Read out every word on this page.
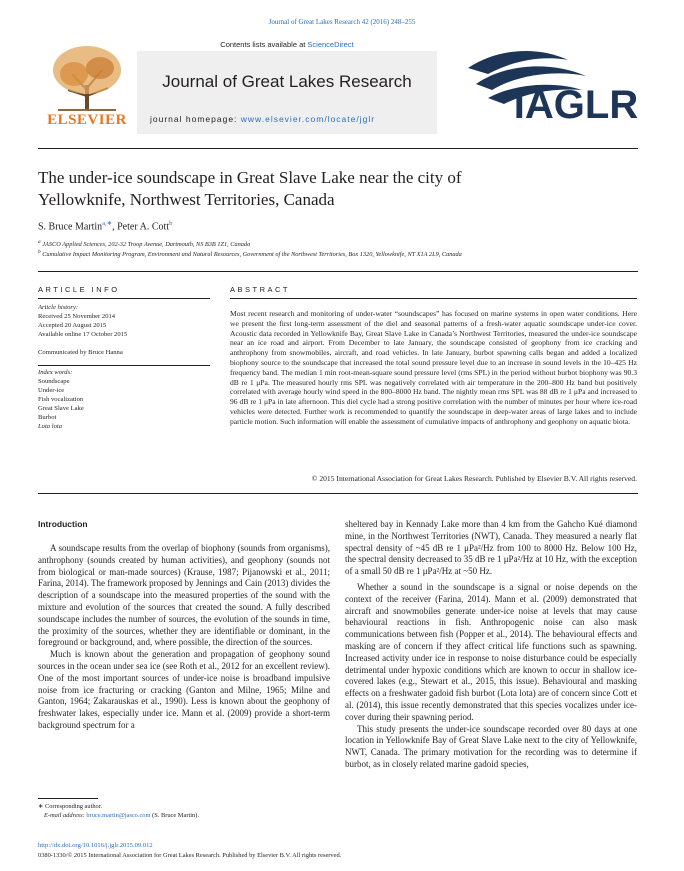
Journal of Great Lakes Research 42 (2016) 248–255
ELSEVIER
Contents lists available at ScienceDirect
Journal of Great Lakes Research
journal homepage: www.elsevier.com/locate/jglr	IAGLR
The under-ice soundscape in Great Slave Lake near the city of
Yellowknife, Northwest Territories, Canada
S. Bruce Martin$^{a,∗}$, Peter A. Cott$^b$
$^a$ JASCO Applied Sciences, 202-32 Troop Avenue, Dartmouth, NS B3B 1Z1, Canada
$^b$ Cumulative Impact Monitoring Program, Environment and Natural Resources, Government of the Northwest Territories, Box 1320, Yellowknife, NT X1A 2L9, Canada
ARTICLE INFO
Article history:
Received 25 November 2014
Accepted 20 August 2015
Available online 17 October 2015
Communicated by Bruce Hanna
Index words:
Soundscape
Under-ice
Fish vocalization
Great Slave Lake
Burbot
Lota lota
ABSTRACT
Most recent research and monitoring of under-water “soundscapes” has focused on marine systems in open water conditions. Here we present the first long-term assessment of the diel and seasonal patterns of a fresh-water aquatic soundscape under-ice cover. Acoustic data recorded in Yellowknife Bay, Great Slave Lake in Canada’s Northwest Territories, measured the under-ice soundscape near an ice road and airport. From December to late January, the soundscape consisted of geophony from ice cracking and anthrophony from snowmobiles, aircraft, and road vehicles. In late January, burbot spawning calls began and added a localized biophony source to the soundscape that increased the total sound pressure level due to an increase in sound levels in the 10–425 Hz frequency band. The median 1 min root-mean-square sound pressure level (rms SPL) in the period without burbot biophony was 90.3 dB re 1 μPa. The measured hourly rms SPL was negatively correlated with air temperature in the 200–800 Hz band but positively correlated with average hourly wind speed in the 800–8000 Hz band. The nightly mean rms SPL was 88 dB re 1 μPa and increased to 96 dB re 1 μPa in late afternoon. This diel cycle had a strong positive correlation with the number of minutes per hour where ice-road vehicles were detected. Further work is recommended to quantify the soundscape in deep-water areas of large lakes and to include particle motion. Such information will enable the assessment of cumulative impacts of anthrophony and geophony on aquatic biota.
© 2015 International Association for Great Lakes Research. Published by Elsevier B.V. All rights reserved.
Introduction

A soundscape results from the overlap of biophony (sounds from organisms), anthrophony (sounds created by human activities), and geophony (sounds not from biological or man-made sources) (Krause, 1987; Pijanowski et al., 2011; Farina, 2014). The framework proposed by Jennings and Cain (2013) divides the description of a soundscape into the measured properties of the sound with the mixture and evolution of the sources that created the sound. A fully described soundscape includes the number of sources, the evolution of the sounds in time, the proximity of the sources, whether they are identifiable or dominant, in the foreground or background, and, where possible, the direction of the sources.

Much is known about the generation and propagation of geophony sound sources in the ocean under sea ice (see Roth et al., 2012 for an excellent review). One of the most important sources of under-ice noise is broadband impulsive noise from ice fracturing or cracking (Ganton and Milne, 1965; Milne and Ganton, 1964; Zakarauskas et al., 1990). Less is known about the geophony of freshwater lakes, especially under ice. Mann et al. (2009) provide a short-term background spectrum for a

sheltered bay in Kennady Lake more than 4 km from the Gahcho Kué diamond mine, in the Northwest Territories (NWT), Canada. They measured a nearly flat spectral density of ~45 dB re 1 μPa²/Hz from 100 to 8000 Hz. Below 100 Hz, the spectral density decreased to 35 dB re 1 μPa²/Hz at 10 Hz, with the exception of a small 50 dB re 1 μPa²/Hz at ~50 Hz.

Whether a sound in the soundscape is a signal or noise depends on the context of the receiver (Farina, 2014). Mann et al. (2009) demonstrated that aircraft and snowmobiles generate under-ice noise at levels that may cause behavioural reactions in fish. Anthropogenic noise can also mask communications between fish (Popper et al., 2014). The behavioural effects and masking are of concern if they affect critical life functions such as spawning. Increased activity under ice in response to noise disturbance could be especially detrimental under hypoxic conditions which are known to occur in shallow ice-covered lakes (e.g., Stewart et al., 2015, this issue). Behavioural and masking effects on a freshwater gadoid fish burbot (Lota lota) are of concern since Cott et al. (2014), this issue recently demonstrated that this species vocalizes under ice-cover during their spawning period.

This study presents the under-ice soundscape recorded over 80 days at one location in Yellowknife Bay of Great Slave Lake next to the city of Yellowknife, NWT, Canada. The primary motivation for the recording was to determine if burbot, as in closely related marine gadoid species,

∗ Corresponding author.
E-mail address: bruce.martin@jasco.com (S. Bruce Martin).
http://dx.doi.org/10.1016/j.jglr.2015.09.012
0380-1330/© 2015 International Association for Great Lakes Research. Published by Elsevier B.V. All rights reserved.
